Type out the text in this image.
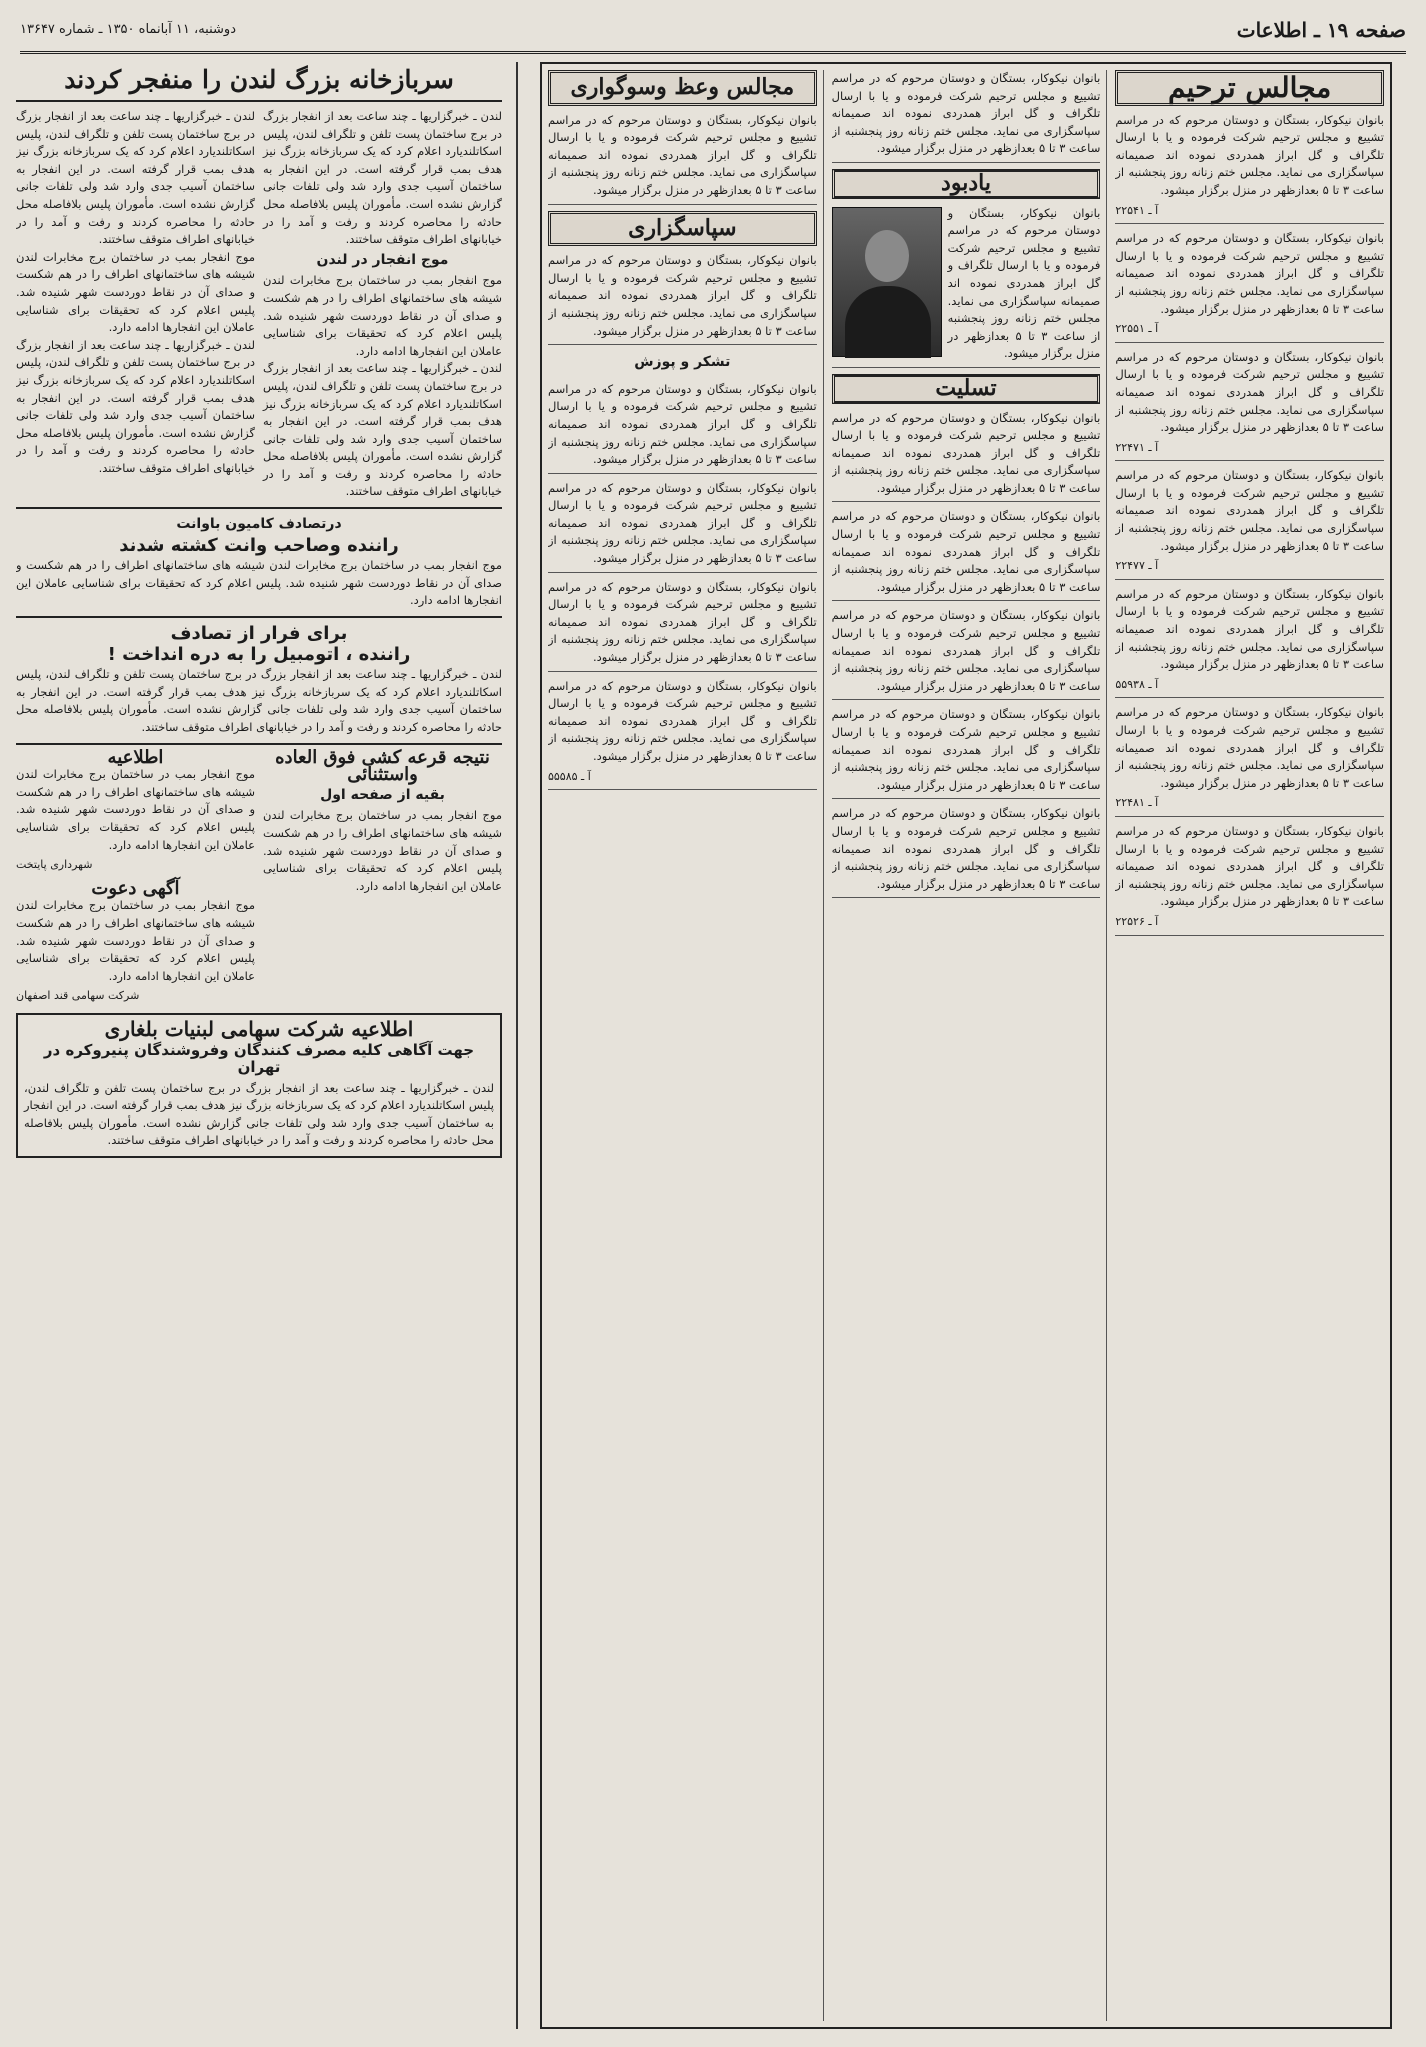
صفحه ۱۹ ـ اطلاعات
دوشنبه، ۱۱ آبانماه ۱۳۵۰ ـ شماره ۱۳۶۴۷
مجالس ترحیم
بانوان نیکوکار، بستگان و دوستان مرحوم که در مراسم تشییع و مجلس ترحیم شرکت فرموده و یا با ارسال تلگراف و گل ابراز همدردی نموده اند صمیمانه سپاسگزاری می نماید. مجلس ختم زنانه روز پنجشنبه از ساعت ۳ تا ۵ بعدازظهر در منزل برگزار میشود.
آ ـ ۲۲۵۴۱
بانوان نیکوکار، بستگان و دوستان مرحوم که در مراسم تشییع و مجلس ترحیم شرکت فرموده و یا با ارسال تلگراف و گل ابراز همدردی نموده اند صمیمانه سپاسگزاری می نماید. مجلس ختم زنانه روز پنجشنبه از ساعت ۳ تا ۵ بعدازظهر در منزل برگزار میشود.
آ ـ ۲۲۵۵۱
بانوان نیکوکار، بستگان و دوستان مرحوم که در مراسم تشییع و مجلس ترحیم شرکت فرموده و یا با ارسال تلگراف و گل ابراز همدردی نموده اند صمیمانه سپاسگزاری می نماید. مجلس ختم زنانه روز پنجشنبه از ساعت ۳ تا ۵ بعدازظهر در منزل برگزار میشود.
آ ـ ۲۲۴۷۱
بانوان نیکوکار، بستگان و دوستان مرحوم که در مراسم تشییع و مجلس ترحیم شرکت فرموده و یا با ارسال تلگراف و گل ابراز همدردی نموده اند صمیمانه سپاسگزاری می نماید. مجلس ختم زنانه روز پنجشنبه از ساعت ۳ تا ۵ بعدازظهر در منزل برگزار میشود.
آ ـ ۲۲۴۷۷
بانوان نیکوکار، بستگان و دوستان مرحوم که در مراسم تشییع و مجلس ترحیم شرکت فرموده و یا با ارسال تلگراف و گل ابراز همدردی نموده اند صمیمانه سپاسگزاری می نماید. مجلس ختم زنانه روز پنجشنبه از ساعت ۳ تا ۵ بعدازظهر در منزل برگزار میشود.
آ ـ ۵۵۹۳۸
بانوان نیکوکار، بستگان و دوستان مرحوم که در مراسم تشییع و مجلس ترحیم شرکت فرموده و یا با ارسال تلگراف و گل ابراز همدردی نموده اند صمیمانه سپاسگزاری می نماید. مجلس ختم زنانه روز پنجشنبه از ساعت ۳ تا ۵ بعدازظهر در منزل برگزار میشود.
آ ـ ۲۲۴۸۱
بانوان نیکوکار، بستگان و دوستان مرحوم که در مراسم تشییع و مجلس ترحیم شرکت فرموده و یا با ارسال تلگراف و گل ابراز همدردی نموده اند صمیمانه سپاسگزاری می نماید. مجلس ختم زنانه روز پنجشنبه از ساعت ۳ تا ۵ بعدازظهر در منزل برگزار میشود.
آ ـ ۲۲۵۲۶
بانوان نیکوکار، بستگان و دوستان مرحوم که در مراسم تشییع و مجلس ترحیم شرکت فرموده و یا با ارسال تلگراف و گل ابراز همدردی نموده اند صمیمانه سپاسگزاری می نماید. مجلس ختم زنانه روز پنجشنبه از ساعت ۳ تا ۵ بعدازظهر در منزل برگزار میشود.
یادبود
بانوان نیکوکار، بستگان و دوستان مرحوم که در مراسم تشییع و مجلس ترحیم شرکت فرموده و یا با ارسال تلگراف و گل ابراز همدردی نموده اند صمیمانه سپاسگزاری می نماید. مجلس ختم زنانه روز پنجشنبه از ساعت ۳ تا ۵ بعدازظهر در منزل برگزار میشود.
تسلیت
بانوان نیکوکار، بستگان و دوستان مرحوم که در مراسم تشییع و مجلس ترحیم شرکت فرموده و یا با ارسال تلگراف و گل ابراز همدردی نموده اند صمیمانه سپاسگزاری می نماید. مجلس ختم زنانه روز پنجشنبه از ساعت ۳ تا ۵ بعدازظهر در منزل برگزار میشود.
بانوان نیکوکار، بستگان و دوستان مرحوم که در مراسم تشییع و مجلس ترحیم شرکت فرموده و یا با ارسال تلگراف و گل ابراز همدردی نموده اند صمیمانه سپاسگزاری می نماید. مجلس ختم زنانه روز پنجشنبه از ساعت ۳ تا ۵ بعدازظهر در منزل برگزار میشود.
بانوان نیکوکار، بستگان و دوستان مرحوم که در مراسم تشییع و مجلس ترحیم شرکت فرموده و یا با ارسال تلگراف و گل ابراز همدردی نموده اند صمیمانه سپاسگزاری می نماید. مجلس ختم زنانه روز پنجشنبه از ساعت ۳ تا ۵ بعدازظهر در منزل برگزار میشود.
بانوان نیکوکار، بستگان و دوستان مرحوم که در مراسم تشییع و مجلس ترحیم شرکت فرموده و یا با ارسال تلگراف و گل ابراز همدردی نموده اند صمیمانه سپاسگزاری می نماید. مجلس ختم زنانه روز پنجشنبه از ساعت ۳ تا ۵ بعدازظهر در منزل برگزار میشود.
بانوان نیکوکار، بستگان و دوستان مرحوم که در مراسم تشییع و مجلس ترحیم شرکت فرموده و یا با ارسال تلگراف و گل ابراز همدردی نموده اند صمیمانه سپاسگزاری می نماید. مجلس ختم زنانه روز پنجشنبه از ساعت ۳ تا ۵ بعدازظهر در منزل برگزار میشود.
مجالس وعظ وسوگواری
بانوان نیکوکار، بستگان و دوستان مرحوم که در مراسم تشییع و مجلس ترحیم شرکت فرموده و یا با ارسال تلگراف و گل ابراز همدردی نموده اند صمیمانه سپاسگزاری می نماید. مجلس ختم زنانه روز پنجشنبه از ساعت ۳ تا ۵ بعدازظهر در منزل برگزار میشود.
سپاسگزاری
بانوان نیکوکار، بستگان و دوستان مرحوم که در مراسم تشییع و مجلس ترحیم شرکت فرموده و یا با ارسال تلگراف و گل ابراز همدردی نموده اند صمیمانه سپاسگزاری می نماید. مجلس ختم زنانه روز پنجشنبه از ساعت ۳ تا ۵ بعدازظهر در منزل برگزار میشود.
تشکر و پوزش
بانوان نیکوکار، بستگان و دوستان مرحوم که در مراسم تشییع و مجلس ترحیم شرکت فرموده و یا با ارسال تلگراف و گل ابراز همدردی نموده اند صمیمانه سپاسگزاری می نماید. مجلس ختم زنانه روز پنجشنبه از ساعت ۳ تا ۵ بعدازظهر در منزل برگزار میشود.
بانوان نیکوکار، بستگان و دوستان مرحوم که در مراسم تشییع و مجلس ترحیم شرکت فرموده و یا با ارسال تلگراف و گل ابراز همدردی نموده اند صمیمانه سپاسگزاری می نماید. مجلس ختم زنانه روز پنجشنبه از ساعت ۳ تا ۵ بعدازظهر در منزل برگزار میشود.
بانوان نیکوکار، بستگان و دوستان مرحوم که در مراسم تشییع و مجلس ترحیم شرکت فرموده و یا با ارسال تلگراف و گل ابراز همدردی نموده اند صمیمانه سپاسگزاری می نماید. مجلس ختم زنانه روز پنجشنبه از ساعت ۳ تا ۵ بعدازظهر در منزل برگزار میشود.
بانوان نیکوکار، بستگان و دوستان مرحوم که در مراسم تشییع و مجلس ترحیم شرکت فرموده و یا با ارسال تلگراف و گل ابراز همدردی نموده اند صمیمانه سپاسگزاری می نماید. مجلس ختم زنانه روز پنجشنبه از ساعت ۳ تا ۵ بعدازظهر در منزل برگزار میشود.
آ ـ ۵۵۵۸۵
سربازخانه بزرگ لندن را منفجر کردند

لندن ـ خبرگزاریها ـ چند ساعت بعد از انفجار بزرگ در برج ساختمان پست تلفن و تلگراف لندن، پلیس اسکاتلندیارد اعلام کرد که یک سربازخانه بزرگ نیز هدف بمب قرار گرفته است. در این انفجار به ساختمان آسیب جدی وارد شد ولی تلفات جانی گزارش نشده است. مأموران پلیس بلافاصله محل حادثه را محاصره کردند و رفت و آمد را در خیابانهای اطراف متوقف ساختند.

موج انفجار در لندن

موج انفجار بمب در ساختمان برج مخابرات لندن شیشه های ساختمانهای اطراف را در هم شکست و صدای آن در نقاط دوردست شهر شنیده شد. پلیس اعلام کرد که تحقیقات برای شناسایی عاملان این انفجارها ادامه دارد.

لندن ـ خبرگزاریها ـ چند ساعت بعد از انفجار بزرگ در برج ساختمان پست تلفن و تلگراف لندن، پلیس اسکاتلندیارد اعلام کرد که یک سربازخانه بزرگ نیز هدف بمب قرار گرفته است. در این انفجار به ساختمان آسیب جدی وارد شد ولی تلفات جانی گزارش نشده است. مأموران پلیس بلافاصله محل حادثه را محاصره کردند و رفت و آمد را در خیابانهای اطراف متوقف ساختند.

لندن ـ خبرگزاریها ـ چند ساعت بعد از انفجار بزرگ در برج ساختمان پست تلفن و تلگراف لندن، پلیس اسکاتلندیارد اعلام کرد که یک سربازخانه بزرگ نیز هدف بمب قرار گرفته است. در این انفجار به ساختمان آسیب جدی وارد شد ولی تلفات جانی گزارش نشده است. مأموران پلیس بلافاصله محل حادثه را محاصره کردند و رفت و آمد را در خیابانهای اطراف متوقف ساختند.

موج انفجار بمب در ساختمان برج مخابرات لندن شیشه های ساختمانهای اطراف را در هم شکست و صدای آن در نقاط دوردست شهر شنیده شد. پلیس اعلام کرد که تحقیقات برای شناسایی عاملان این انفجارها ادامه دارد.

لندن ـ خبرگزاریها ـ چند ساعت بعد از انفجار بزرگ در برج ساختمان پست تلفن و تلگراف لندن، پلیس اسکاتلندیارد اعلام کرد که یک سربازخانه بزرگ نیز هدف بمب قرار گرفته است. در این انفجار به ساختمان آسیب جدی وارد شد ولی تلفات جانی گزارش نشده است. مأموران پلیس بلافاصله محل حادثه را محاصره کردند و رفت و آمد را در خیابانهای اطراف متوقف ساختند.

درتصادف کامیون باوانت
راننده وصاحب وانت کشته شدند

موج انفجار بمب در ساختمان برج مخابرات لندن شیشه های ساختمانهای اطراف را در هم شکست و صدای آن در نقاط دوردست شهر شنیده شد. پلیس اعلام کرد که تحقیقات برای شناسایی عاملان این انفجارها ادامه دارد.

برای فرار از تصادف
راننده ، اتومبیل را به دره انداخت !

لندن ـ خبرگزاریها ـ چند ساعت بعد از انفجار بزرگ در برج ساختمان پست تلفن و تلگراف لندن، پلیس اسکاتلندیارد اعلام کرد که یک سربازخانه بزرگ نیز هدف بمب قرار گرفته است. در این انفجار به ساختمان آسیب جدی وارد شد ولی تلفات جانی گزارش نشده است. مأموران پلیس بلافاصله محل حادثه را محاصره کردند و رفت و آمد را در خیابانهای اطراف متوقف ساختند.

نتیجه قرعه کشی فوق العاده واستثنائی
بقیه از صفحه اول

موج انفجار بمب در ساختمان برج مخابرات لندن شیشه های ساختمانهای اطراف را در هم شکست و صدای آن در نقاط دوردست شهر شنیده شد. پلیس اعلام کرد که تحقیقات برای شناسایی عاملان این انفجارها ادامه دارد.

اطلاعیه

موج انفجار بمب در ساختمان برج مخابرات لندن شیشه های ساختمانهای اطراف را در هم شکست و صدای آن در نقاط دوردست شهر شنیده شد. پلیس اعلام کرد که تحقیقات برای شناسایی عاملان این انفجارها ادامه دارد.

شهرداری پایتخت
آگهی دعوت

موج انفجار بمب در ساختمان برج مخابرات لندن شیشه های ساختمانهای اطراف را در هم شکست و صدای آن در نقاط دوردست شهر شنیده شد. پلیس اعلام کرد که تحقیقات برای شناسایی عاملان این انفجارها ادامه دارد.

شرکت سهامی قند اصفهان
اطلاعیه شرکت سهامی لبنیات بلغاری
جهت آگاهی کلیه مصرف کنندگان وفروشندگان پنیروکره در تهران

لندن ـ خبرگزاریها ـ چند ساعت بعد از انفجار بزرگ در برج ساختمان پست تلفن و تلگراف لندن، پلیس اسکاتلندیارد اعلام کرد که یک سربازخانه بزرگ نیز هدف بمب قرار گرفته است. در این انفجار به ساختمان آسیب جدی وارد شد ولی تلفات جانی گزارش نشده است. مأموران پلیس بلافاصله محل حادثه را محاصره کردند و رفت و آمد را در خیابانهای اطراف متوقف ساختند.
